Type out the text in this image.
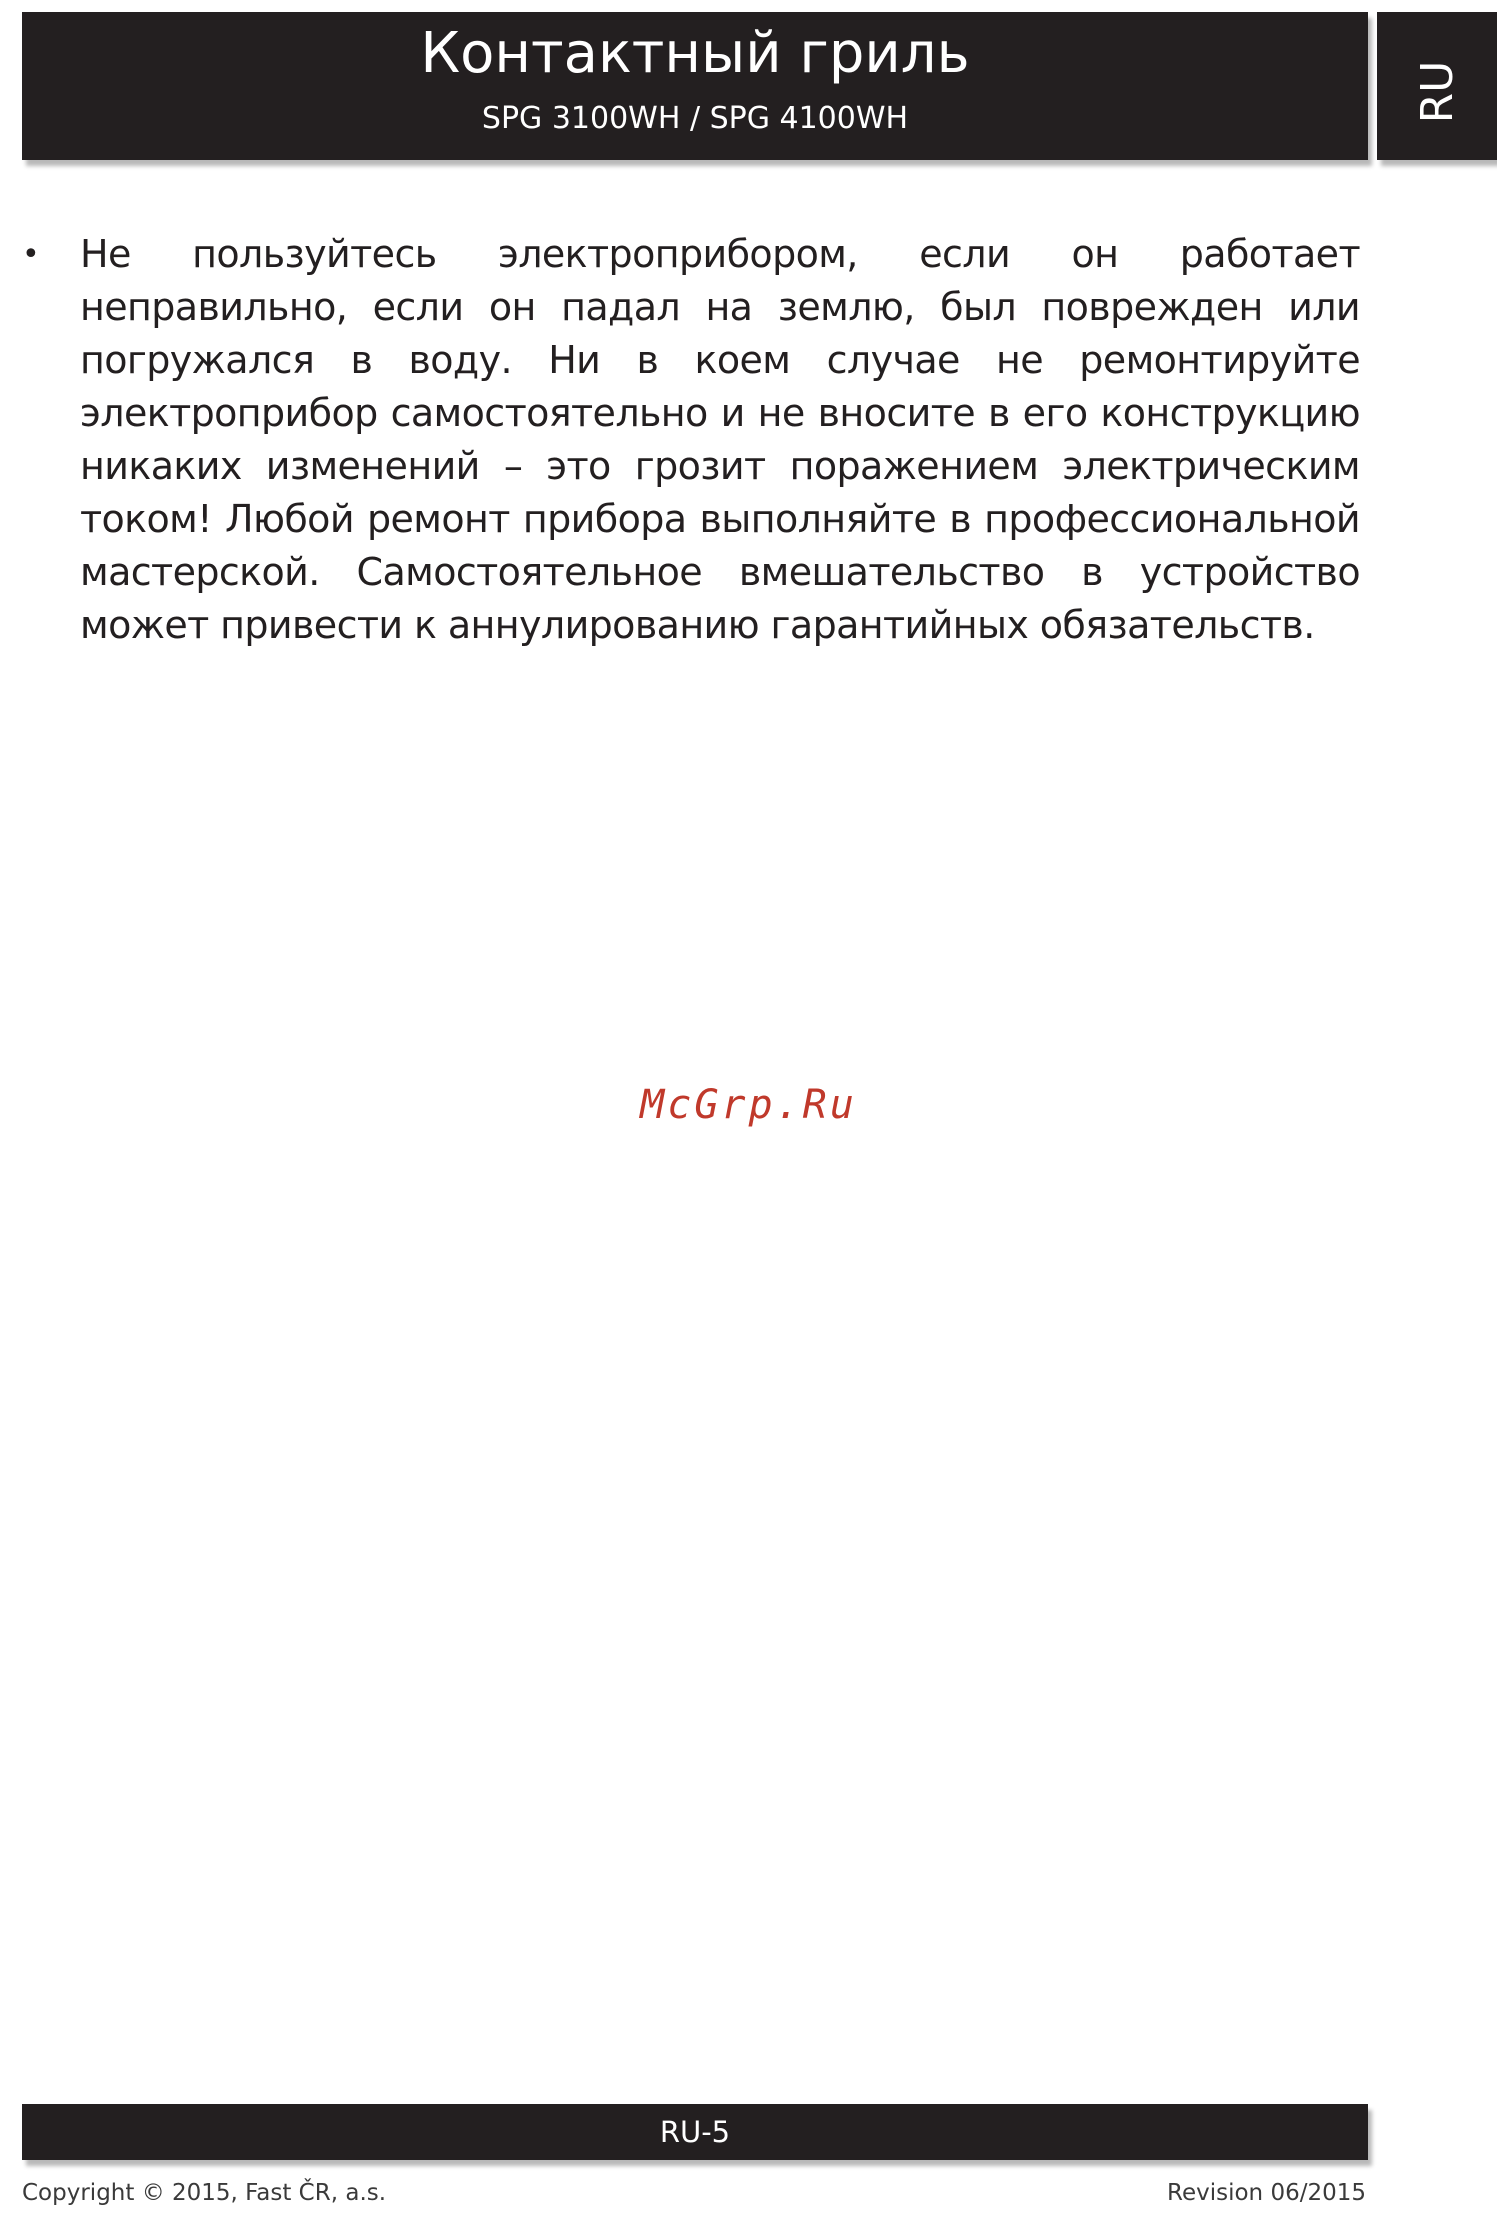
Контактный гриль
SPG 3100WH / SPG 4100WH	RU
•	Не пользуйтесь электроприбором, если он работает неправильно, если он падал на землю, был поврежден или погружался в воду. Ни в коем случае не ремонтируйте электроприбор самостоятельно и не вносите в его конструкцию никаких изменений – это грозит поражением электрическим током! Любой ремонт прибора выполняйте в профессиональной мастерской. Самостоятельное вмешательство в устройство может привести к аннулированию гарантийных обязательств.
McGrp.Ru
RU-5
Copyright © 2015, Fast ČR, a.s.	Revision 06/2015
